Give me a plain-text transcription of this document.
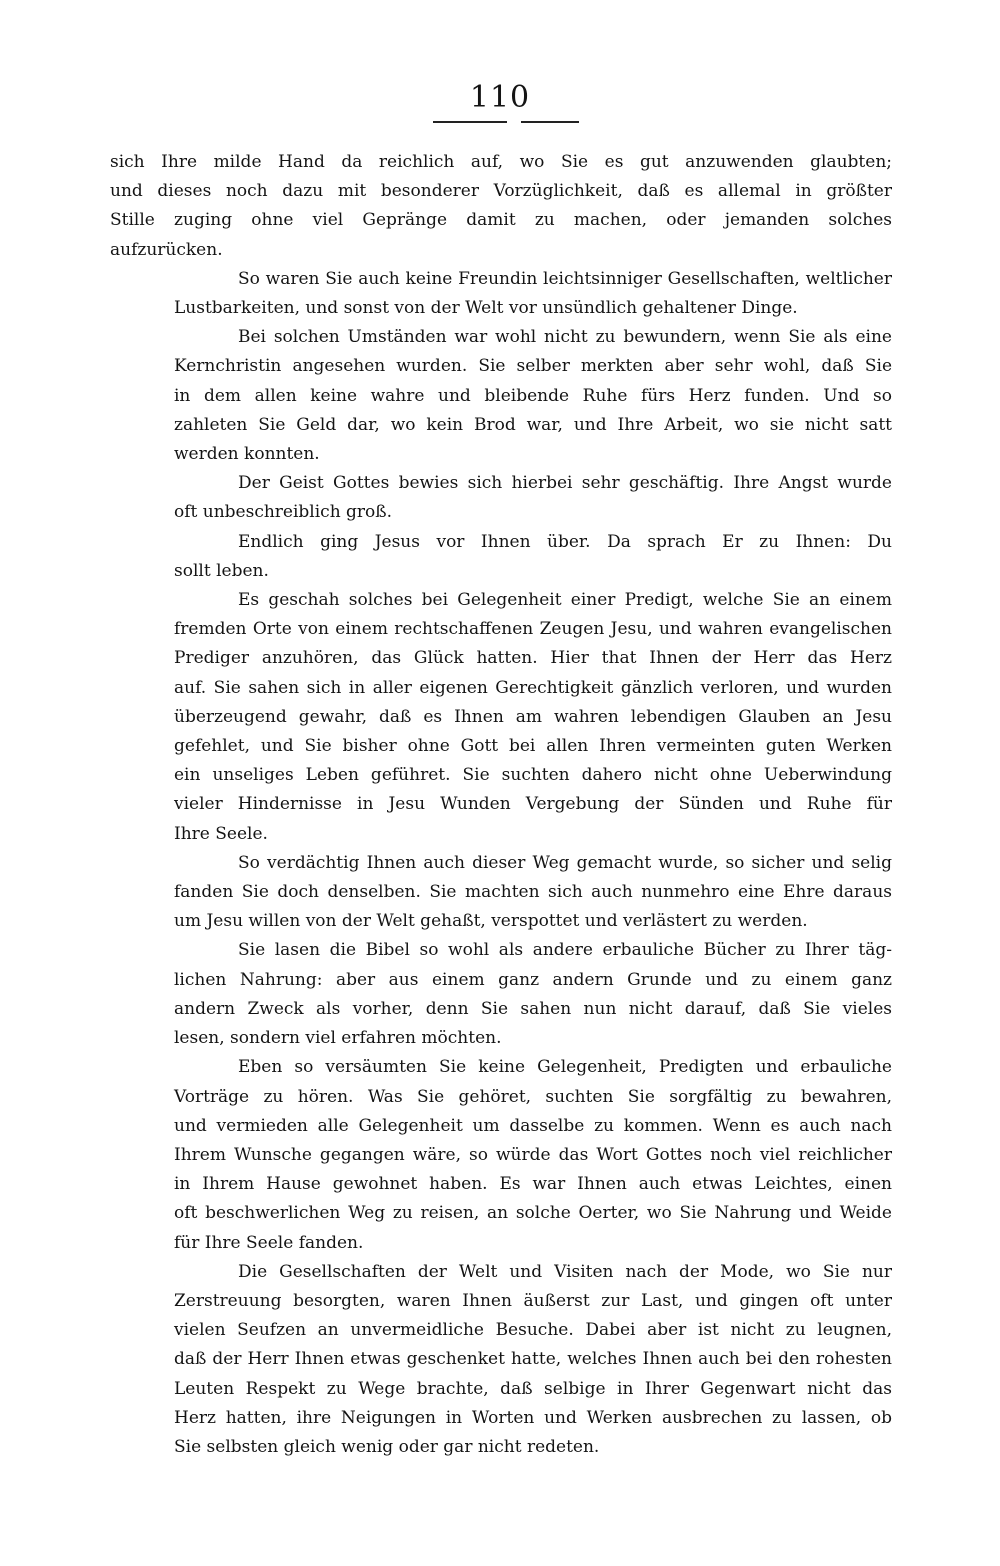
110

sich Ihre milde Hand da reichlich auf, wo Sie es gut anzuwenden glaubten;
und dieses noch dazu mit besonderer Vorzüglichkeit, daß es allemal in größter
Stille zuging ohne viel Gepränge damit zu machen, oder jemanden solches
aufzurücken.

So waren Sie auch keine Freundin leichtsinniger Gesellschaften, weltlicher
Lustbarkeiten, und sonst von der Welt vor unsündlich gehaltener Dinge.

Bei solchen Umständen war wohl nicht zu bewundern, wenn Sie als eine
Kernchristin angesehen wurden. Sie selber merkten aber sehr wohl, daß Sie
in dem allen keine wahre und bleibende Ruhe fürs Herz funden. Und so
zahleten Sie Geld dar, wo kein Brod war, und Ihre Arbeit, wo sie nicht satt
werden konnten.

Der Geist Gottes bewies sich hierbei sehr geschäftig. Ihre Angst wurde
oft unbeschreiblich groß.

Endlich ging Jesus vor Ihnen über. Da sprach Er zu Ihnen: Du
sollt leben.

Es geschah solches bei Gelegenheit einer Predigt, welche Sie an einem
fremden Orte von einem rechtschaffenen Zeugen Jesu, und wahren evangelischen
Prediger anzuhören, das Glück hatten. Hier that Ihnen der Herr das Herz
auf. Sie sahen sich in aller eigenen Gerechtigkeit gänzlich verloren, und wurden
überzeugend gewahr, daß es Ihnen am wahren lebendigen Glauben an Jesu
gefehlet, und Sie bisher ohne Gott bei allen Ihren vermeinten guten Werken
ein unseliges Leben geführet. Sie suchten dahero nicht ohne Ueberwindung
vieler Hindernisse in Jesu Wunden Vergebung der Sünden und Ruhe für
Ihre Seele.

So verdächtig Ihnen auch dieser Weg gemacht wurde, so sicher und selig
fanden Sie doch denselben. Sie machten sich auch nunmehro eine Ehre daraus
um Jesu willen von der Welt gehaßt, verspottet und verlästert zu werden.

Sie lasen die Bibel so wohl als andere erbauliche Bücher zu Ihrer täg-
lichen Nahrung: aber aus einem ganz andern Grunde und zu einem ganz
andern Zweck als vorher, denn Sie sahen nun nicht darauf, daß Sie vieles
lesen, sondern viel erfahren möchten.

Eben so versäumten Sie keine Gelegenheit, Predigten und erbauliche
Vorträge zu hören. Was Sie gehöret, suchten Sie sorgfältig zu bewahren,
und vermieden alle Gelegenheit um dasselbe zu kommen. Wenn es auch nach
Ihrem Wunsche gegangen wäre, so würde das Wort Gottes noch viel reichlicher
in Ihrem Hause gewohnet haben. Es war Ihnen auch etwas Leichtes, einen
oft beschwerlichen Weg zu reisen, an solche Oerter, wo Sie Nahrung und Weide
für Ihre Seele fanden.

Die Gesellschaften der Welt und Visiten nach der Mode, wo Sie nur
Zerstreuung besorgten, waren Ihnen äußerst zur Last, und gingen oft unter
vielen Seufzen an unvermeidliche Besuche. Dabei aber ist nicht zu leugnen,
daß der Herr Ihnen etwas geschenket hatte, welches Ihnen auch bei den rohesten
Leuten Respekt zu Wege brachte, daß selbige in Ihrer Gegenwart nicht das
Herz hatten, ihre Neigungen in Worten und Werken ausbrechen zu lassen, ob
Sie selbsten gleich wenig oder gar nicht redeten.
